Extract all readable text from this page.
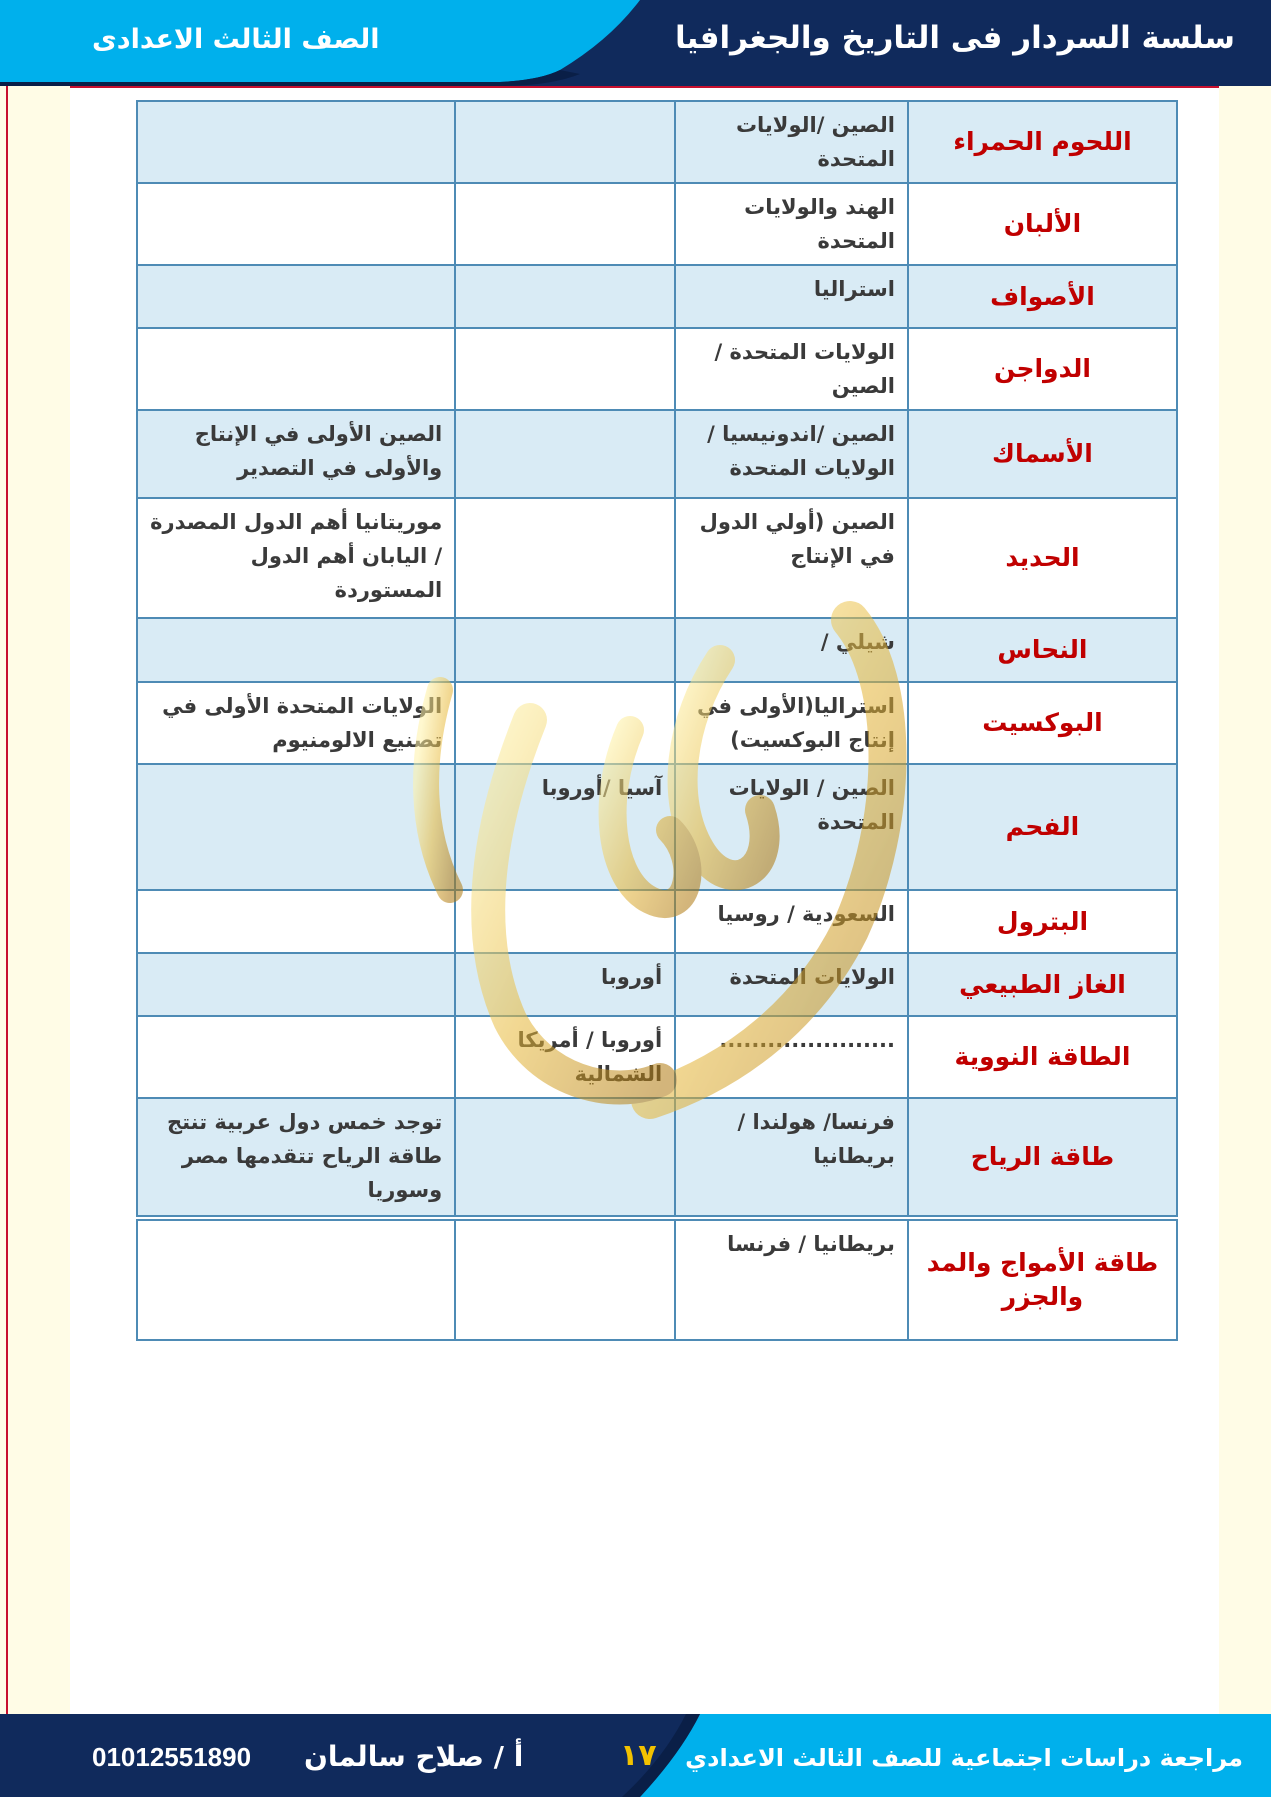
سلسة السردار فى التاريخ والجغرافيا
الصف الثالث الاعدادى
اللحوم الحمراء	الصين /الولايات المتحدة		
الألبان	الهند والولايات المتحدة		
الأصواف	استراليا		
الدواجن	الولايات المتحدة /الصين		
الأسماك	الصين /اندونيسيا /الولايات المتحدة		الصين الأولى في الإنتاج والأولى في التصدير
الحديد	الصين (أولي الدول في الإنتاج		موريتانيا أهم الدول المصدرة / اليابان أهم الدول المستوردة
النحاس	شيلي /		
البوكسيت	استراليا(الأولى في إنتاج البوكسيت)		الولايات المتحدة الأولى في تصنيع الالومنيوم
الفحم	الصين / الولايات المتحدة	آسيا /أوروبا	
البترول	السعودية / روسيا		
الغاز الطبيعي	الولايات المتحدة	أوروبا	
الطاقة النووية	......................	أوروبا / أمريكا الشمالية	
طاقة الرياح	فرنسا/ هولندا /بريطانيا		توجد خمس دول عربية تنتج طاقة الرياح تتقدمها مصر وسوريا
طاقة الأمواج والمد والجزر	بريطانيا / فرنسا		
مراجعة دراسات اجتماعية للصف الثالث الاعدادي
١٧
أ / صلاح سالمان
01012551890
